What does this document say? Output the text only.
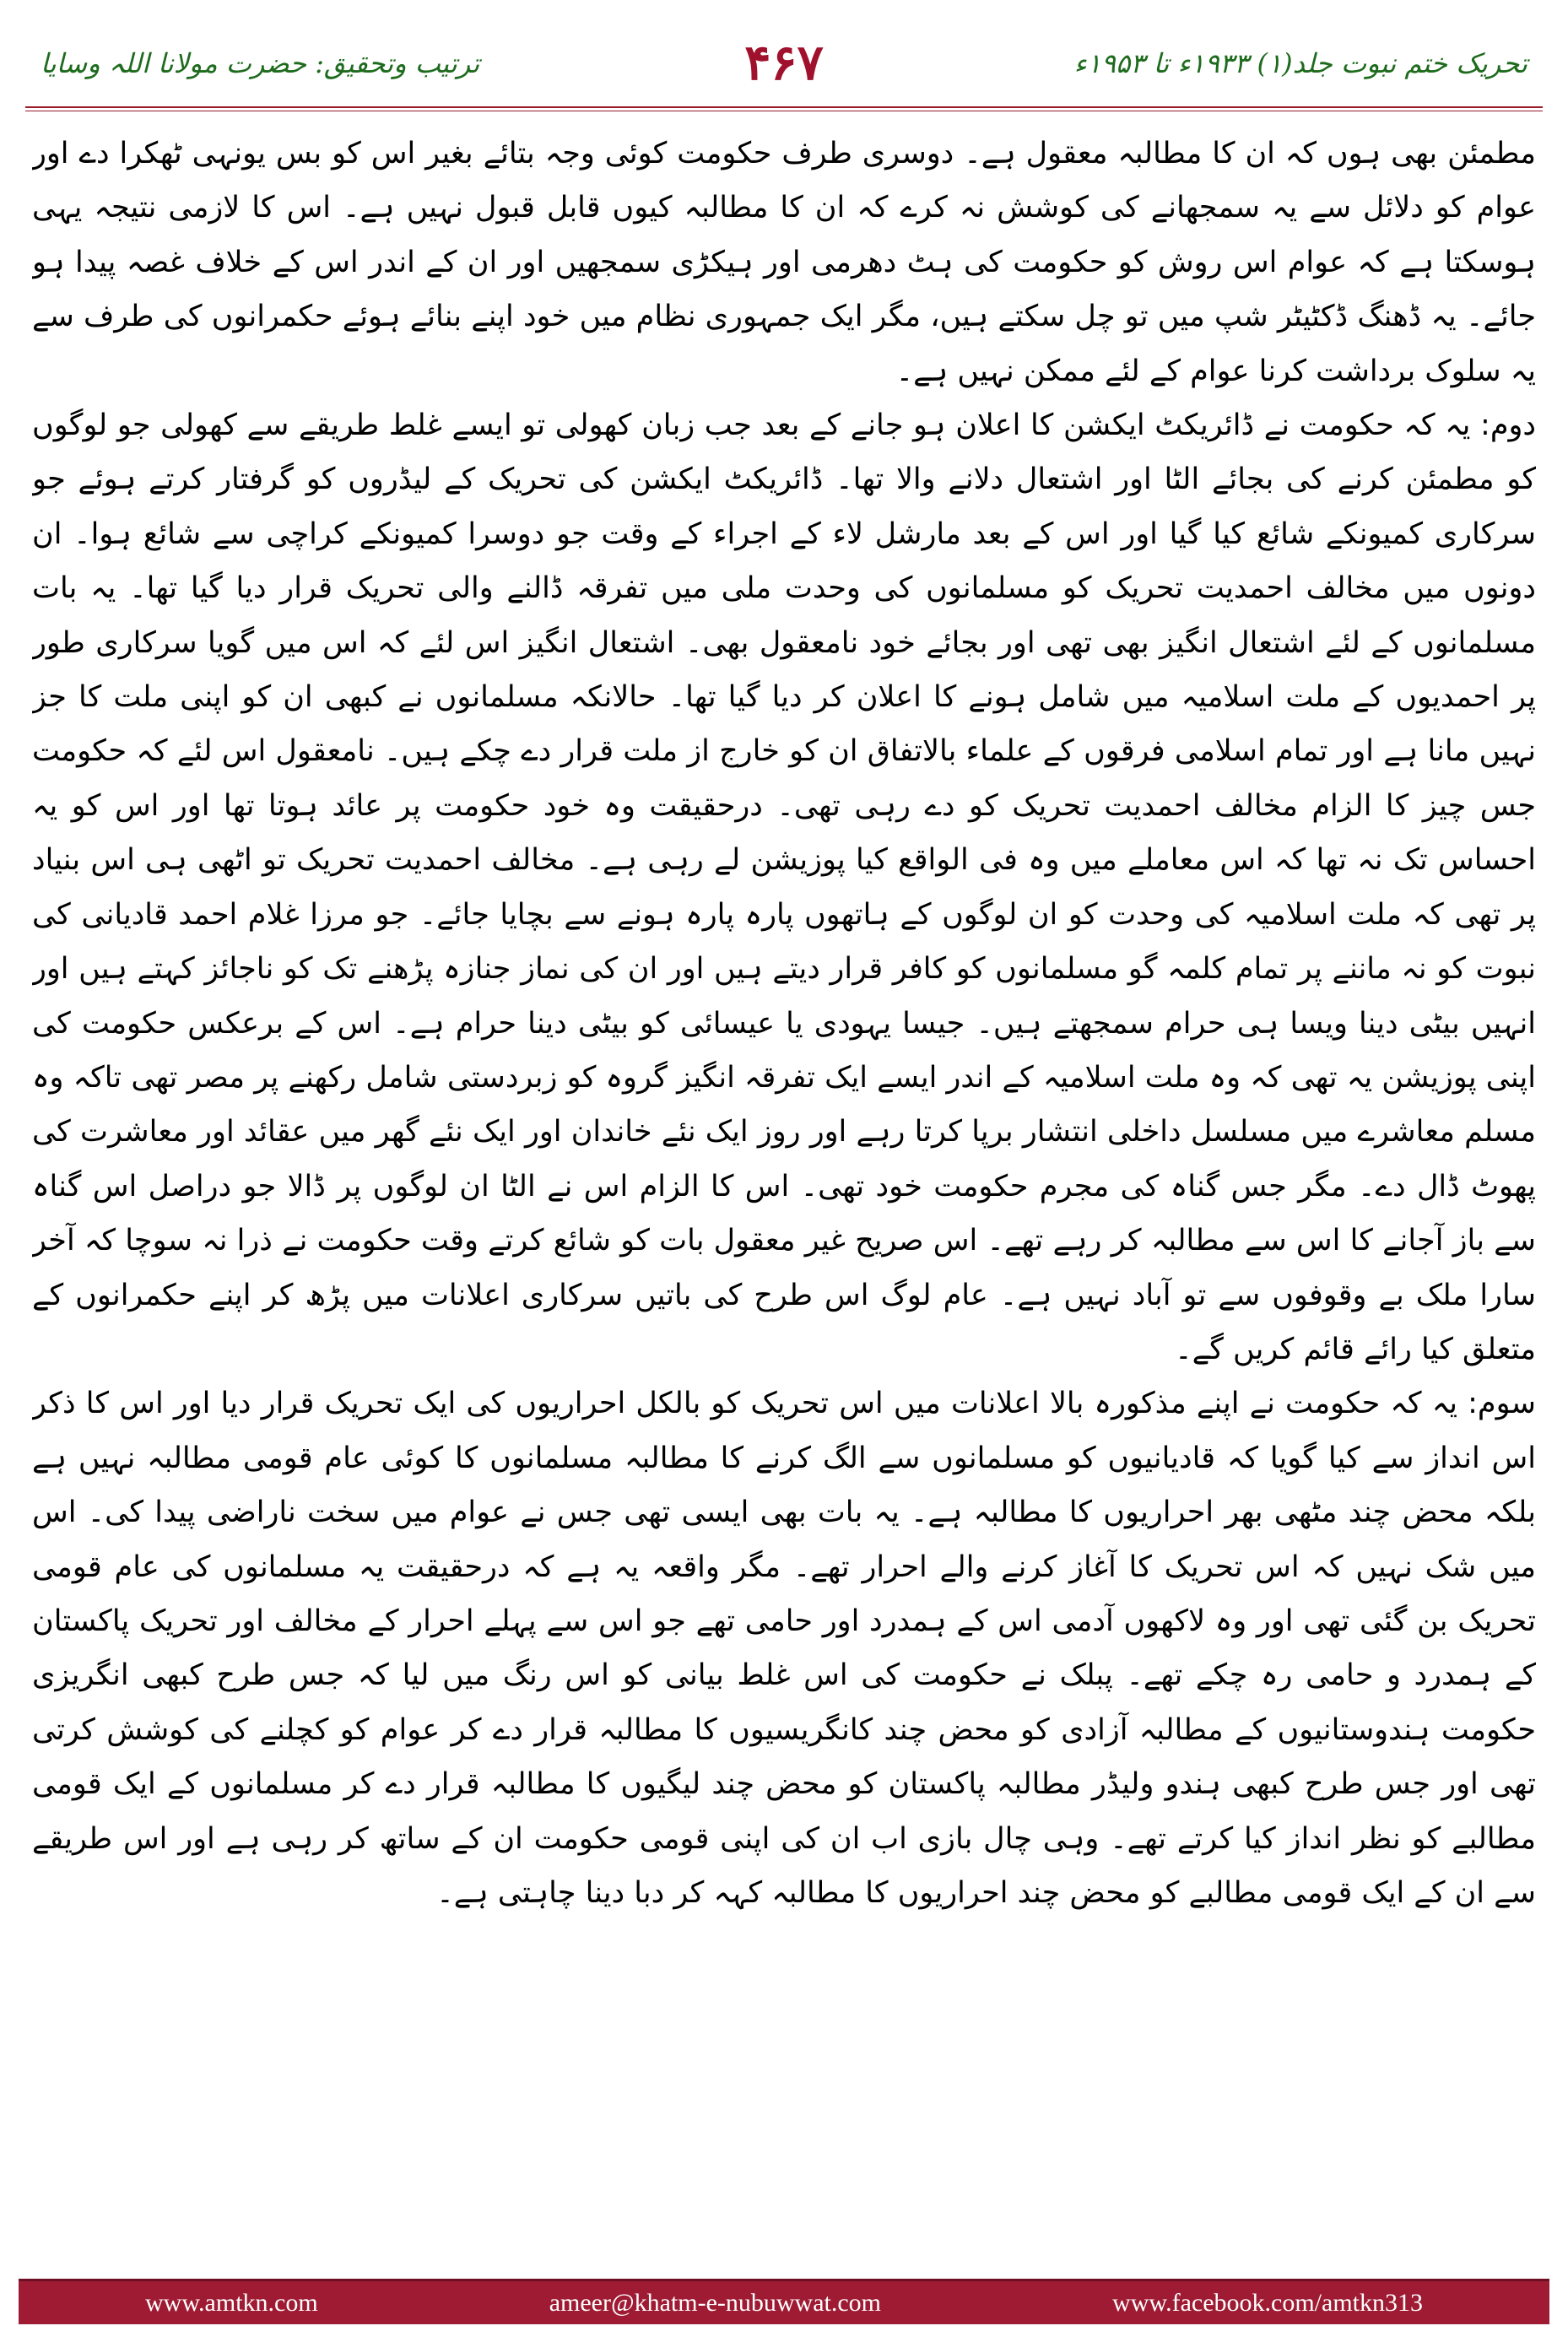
تحریک ختم نبوت جلد(۱) ۱۹۳۳ء تا ۱۹۵۳ء
۴۶۷
ترتیب وتحقیق: حضرت مولانا اللہ وسایا

مطمئن بھی ہوں کہ ان کا مطالبہ معقول ہے۔ دوسری طرف حکومت کوئی وجہ بتائے بغیر اس کو بس یونہی ٹھکرا دے اور عوام کو دلائل سے یہ سمجھانے کی کوشش نہ کرے کہ ان کا مطالبہ کیوں قابل قبول نہیں ہے۔ اس کا لازمی نتیجہ یہی ہوسکتا ہے کہ عوام اس روش کو حکومت کی ہٹ دھرمی اور ہیکڑی سمجھیں اور ان کے اندر اس کے خلاف غصہ پیدا ہو جائے۔ یہ ڈھنگ ڈکٹیٹر شپ میں تو چل سکتے ہیں، مگر ایک جمہوری نظام میں خود اپنے بنائے ہوئے حکمرانوں کی طرف سے یہ سلوک برداشت کرنا عوام کے لئے ممکن نہیں ہے۔

دوم: یہ کہ حکومت نے ڈائریکٹ ایکشن کا اعلان ہو جانے کے بعد جب زبان کھولی تو ایسے غلط طریقے سے کھولی جو لوگوں کو مطمئن کرنے کی بجائے الٹا اور اشتعال دلانے والا تھا۔ ڈائریکٹ ایکشن کی تحریک کے لیڈروں کو گرفتار کرتے ہوئے جو سرکاری کمیونکے شائع کیا گیا اور اس کے بعد مارشل لاء کے اجراء کے وقت جو دوسرا کمیونکے کراچی سے شائع ہوا۔ ان دونوں میں مخالف احمدیت تحریک کو مسلمانوں کی وحدت ملی میں تفرقہ ڈالنے والی تحریک قرار دیا گیا تھا۔ یہ بات مسلمانوں کے لئے اشتعال انگیز بھی تھی اور بجائے خود نامعقول بھی۔ اشتعال انگیز اس لئے کہ اس میں گویا سرکاری طور پر احمدیوں کے ملت اسلامیہ میں شامل ہونے کا اعلان کر دیا گیا تھا۔ حالانکہ مسلمانوں نے کبھی ان کو اپنی ملت کا جز نہیں مانا ہے اور تمام اسلامی فرقوں کے علماء بالاتفاق ان کو خارج از ملت قرار دے چکے ہیں۔ نامعقول اس لئے کہ حکومت جس چیز کا الزام مخالف احمدیت تحریک کو دے رہی تھی۔ درحقیقت وہ خود حکومت پر عائد ہوتا تھا اور اس کو یہ احساس تک نہ تھا کہ اس معاملے میں وہ فی الواقع کیا پوزیشن لے رہی ہے۔ مخالف احمدیت تحریک تو اٹھی ہی اس بنیاد پر تھی کہ ملت اسلامیہ کی وحدت کو ان لوگوں کے ہاتھوں پارہ پارہ ہونے سے بچایا جائے۔ جو مرزا غلام احمد قادیانی کی نبوت کو نہ ماننے پر تمام کلمہ گو مسلمانوں کو کافر قرار دیتے ہیں اور ان کی نماز جنازہ پڑھنے تک کو ناجائز کہتے ہیں اور انہیں بیٹی دینا ویسا ہی حرام سمجھتے ہیں۔ جیسا یہودی یا عیسائی کو بیٹی دینا حرام ہے۔ اس کے برعکس حکومت کی اپنی پوزیشن یہ تھی کہ وہ ملت اسلامیہ کے اندر ایسے ایک تفرقہ انگیز گروہ کو زبردستی شامل رکھنے پر مصر تھی تاکہ وہ مسلم معاشرے میں مسلسل داخلی انتشار برپا کرتا رہے اور روز ایک نئے خاندان اور ایک نئے گھر میں عقائد اور معاشرت کی پھوٹ ڈال دے۔ مگر جس گناہ کی مجرم حکومت خود تھی۔ اس کا الزام اس نے الٹا ان لوگوں پر ڈالا جو دراصل اس گناہ سے باز آجانے کا اس سے مطالبہ کر رہے تھے۔ اس صریح غیر معقول بات کو شائع کرتے وقت حکومت نے ذرا نہ سوچا کہ آخر سارا ملک بے وقوفوں سے تو آباد نہیں ہے۔ عام لوگ اس طرح کی باتیں سرکاری اعلانات میں پڑھ کر اپنے حکمرانوں کے متعلق کیا رائے قائم کریں گے۔

سوم: یہ کہ حکومت نے اپنے مذکورہ بالا اعلانات میں اس تحریک کو بالکل احراریوں کی ایک تحریک قرار دیا اور اس کا ذکر اس انداز سے کیا گویا کہ قادیانیوں کو مسلمانوں سے الگ کرنے کا مطالبہ مسلمانوں کا کوئی عام قومی مطالبہ نہیں ہے بلکہ محض چند مٹھی بھر احراریوں کا مطالبہ ہے۔ یہ بات بھی ایسی تھی جس نے عوام میں سخت ناراضی پیدا کی۔ اس میں شک نہیں کہ اس تحریک کا آغاز کرنے والے احرار تھے۔ مگر واقعہ یہ ہے کہ درحقیقت یہ مسلمانوں کی عام قومی تحریک بن گئی تھی اور وہ لاکھوں آدمی اس کے ہمدرد اور حامی تھے جو اس سے پہلے احرار کے مخالف اور تحریک پاکستان کے ہمدرد و حامی رہ چکے تھے۔ پبلک نے حکومت کی اس غلط بیانی کو اس رنگ میں لیا کہ جس طرح کبھی انگریزی حکومت ہندوستانیوں کے مطالبہ آزادی کو محض چند کانگریسیوں کا مطالبہ قرار دے کر عوام کو کچلنے کی کوشش کرتی تھی اور جس طرح کبھی ہندو ولیڈر مطالبہ پاکستان کو محض چند لیگیوں کا مطالبہ قرار دے کر مسلمانوں کے ایک قومی مطالبے کو نظر انداز کیا کرتے تھے۔ وہی چال بازی اب ان کی اپنی قومی حکومت ان کے ساتھ کر رہی ہے اور اس طریقے سے ان کے ایک قومی مطالبے کو محض چند احراریوں کا مطالبہ کہہ کر دبا دینا چاہتی ہے۔

www.amtkn.com	ameer@khatm-e-nubuwwat.com	www.facebook.com/amtkn313
